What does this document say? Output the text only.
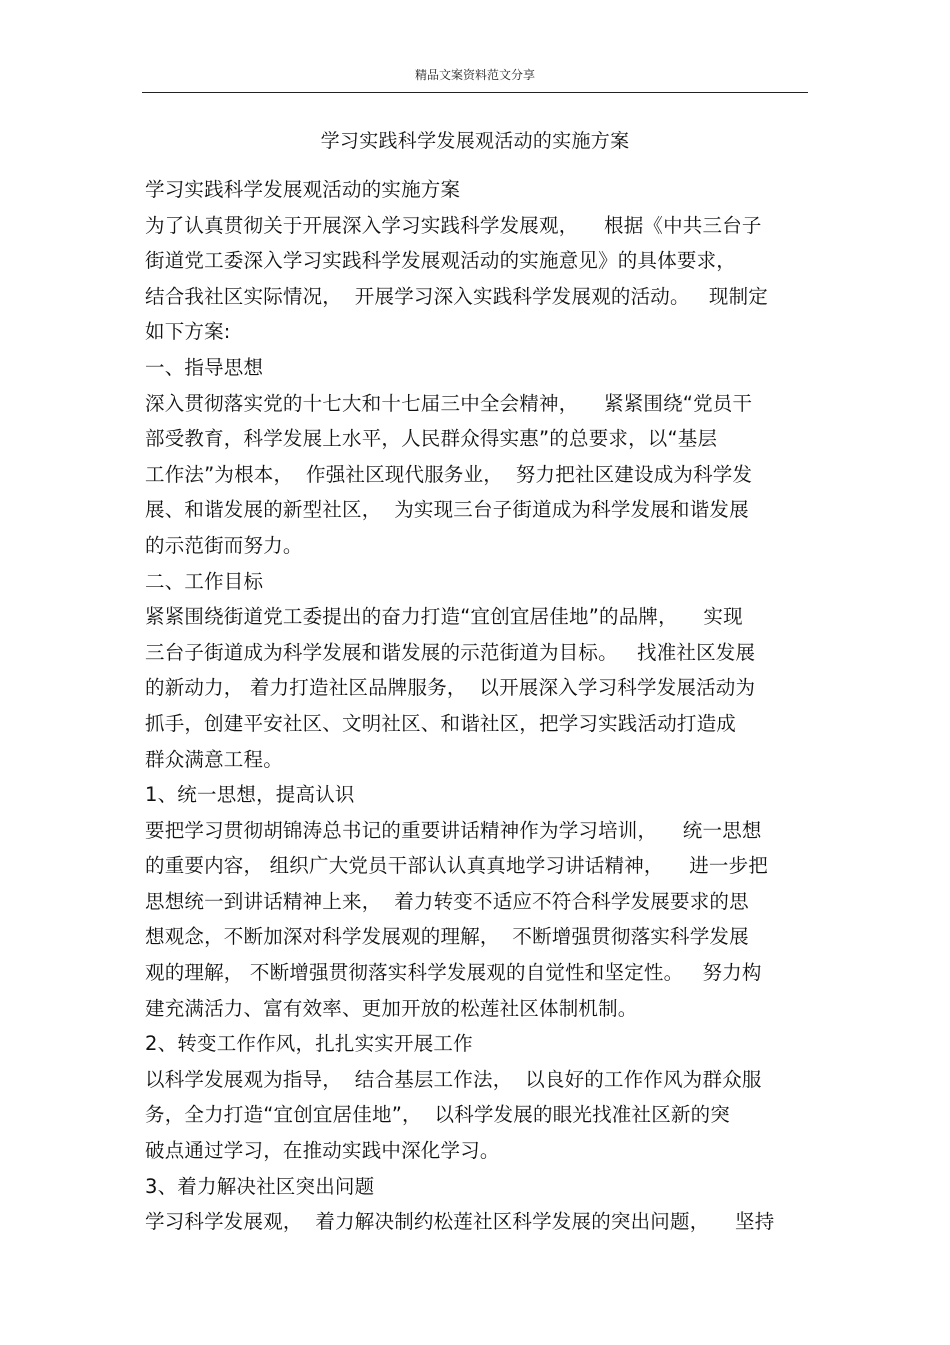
精品文案资料范文分享
学习实践科学发展观活动的实施方案
学习实践科学发展观活动的实施方案
为了认真贯彻关于开展深入学习实践科学发展观，    根据《中共三台子
街道党工委深入学习实践科学发展观活动的实施意见》的具体要求，
结合我社区实际情况，  开展学习深入实践科学发展观的活动。   现制定
如下方案:
一、指导思想
深入贯彻落实党的十七大和十七届三中全会精神，    紧紧围绕“党员干
部受教育，科学发展上水平，人民群众得实惠”的总要求，以“基层
工作法”为根本，  作强社区现代服务业，  努力把社区建设成为科学发
展、和谐发展的新型社区，  为实现三台子街道成为科学发展和谐发展
的示范街而努力。
二、工作目标
紧紧围绕街道党工委提出的奋力打造“宜创宜居佳地”的品牌，    实现
三台子街道成为科学发展和谐发展的示范街道为目标。   找准社区发展
的新动力， 着力打造社区品牌服务，  以开展深入学习科学发展活动为
抓手，创建平安社区、文明社区、和谐社区，把学习实践活动打造成
群众满意工程。
1、统一思想，提高认识
要把学习贯彻胡锦涛总书记的重要讲话精神作为学习培训，    统一思想
的重要内容， 组织广大党员干部认认真真地学习讲话精神，    进一步把
思想统一到讲话精神上来，  着力转变不适应不符合科学发展要求的思
想观念，不断加深对科学发展观的理解，  不断增强贯彻落实科学发展
观的理解， 不断增强贯彻落实科学发展观的自觉性和坚定性。   努力构
建充满活力、富有效率、更加开放的松莲社区体制机制。
2、转变工作作风，扎扎实实开展工作
以科学发展观为指导，  结合基层工作法，  以良好的工作作风为群众服
务，全力打造“宜创宜居佳地”，  以科学发展的眼光找准社区新的突
破点通过学习，在推动实践中深化学习。
3、着力解决社区突出问题
学习科学发展观，  着力解决制约松莲社区科学发展的突出问题，    坚持
